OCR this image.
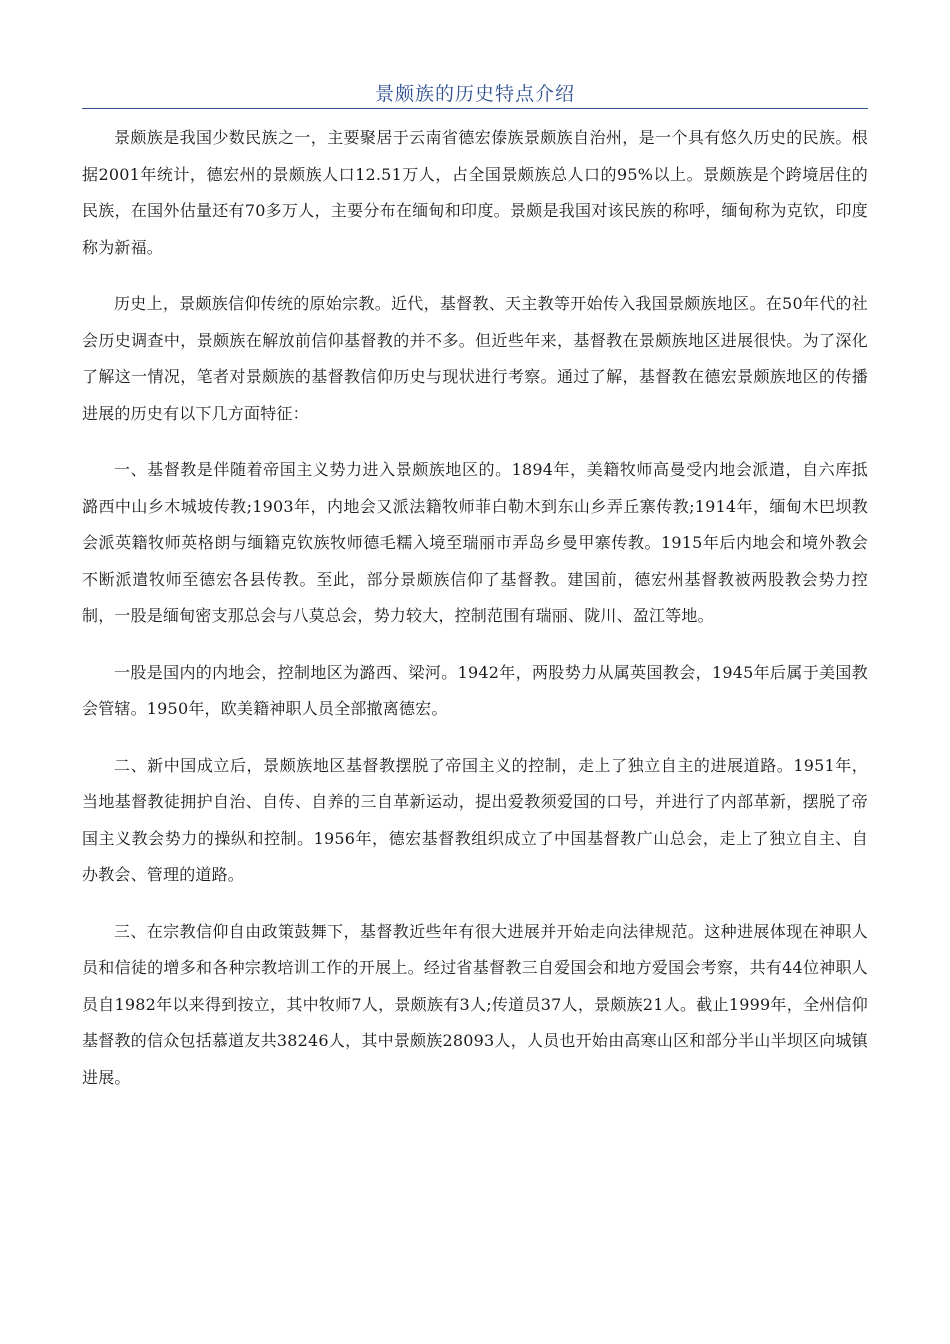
景颇族的历史特点介绍

景颇族是我国少数民族之一，主要聚居于云南省德宏傣族景颇族自治州，是一个具有悠久历史的民族。根据2001年统计，德宏州的景颇族人口12.51万人，占全国景颇族总人口的95%以上。景颇族是个跨境居住的民族，在国外估量还有70多万人，主要分布在缅甸和印度。景颇是我国对该民族的称呼，缅甸称为克钦，印度称为新福。

历史上，景颇族信仰传统的原始宗教。近代，基督教、天主教等开始传入我国景颇族地区。在50年代的社会历史调查中，景颇族在解放前信仰基督教的并不多。但近些年来，基督教在景颇族地区进展很快。为了深化了解这一情况，笔者对景颇族的基督教信仰历史与现状进行考察。通过了解，基督教在德宏景颇族地区的传播进展的历史有以下几方面特征：

一、基督教是伴随着帝国主义势力进入景颇族地区的。1894年，美籍牧师高曼受内地会派遣，自六库抵潞西中山乡木城坡传教;1903年，内地会又派法籍牧师菲白勒木到东山乡弄丘寨传教;1914年，缅甸木巴坝教会派英籍牧师英格朗与缅籍克钦族牧师德毛糯入境至瑞丽市弄岛乡曼甲寨传教。1915年后内地会和境外教会不断派遣牧师至德宏各县传教。至此，部分景颇族信仰了基督教。建国前，德宏州基督教被两股教会势力控制，一股是缅甸密支那总会与八莫总会，势力较大，控制范围有瑞丽、陇川、盈江等地。

一股是国内的内地会，控制地区为潞西、梁河。1942年，两股势力从属英国教会，1945年后属于美国教会管辖。1950年，欧美籍神职人员全部撤离德宏。

二、新中国成立后，景颇族地区基督教摆脱了帝国主义的控制，走上了独立自主的进展道路。1951年，当地基督教徒拥护自治、自传、自养的三自革新运动，提出爱教须爱国的口号，并进行了内部革新，摆脱了帝国主义教会势力的操纵和控制。1956年，德宏基督教组织成立了中国基督教广山总会，走上了独立自主、自办教会、管理的道路。

三、在宗教信仰自由政策鼓舞下，基督教近些年有很大进展并开始走向法律规范。这种进展体现在神职人员和信徒的增多和各种宗教培训工作的开展上。经过省基督教三自爱国会和地方爱国会考察，共有44位神职人员自1982年以来得到按立，其中牧师7人，景颇族有3人;传道员37人，景颇族21人。截止1999年，全州信仰基督教的信众包括慕道友共38246人，其中景颇族28093人，人员也开始由高寒山区和部分半山半坝区向城镇进展。
